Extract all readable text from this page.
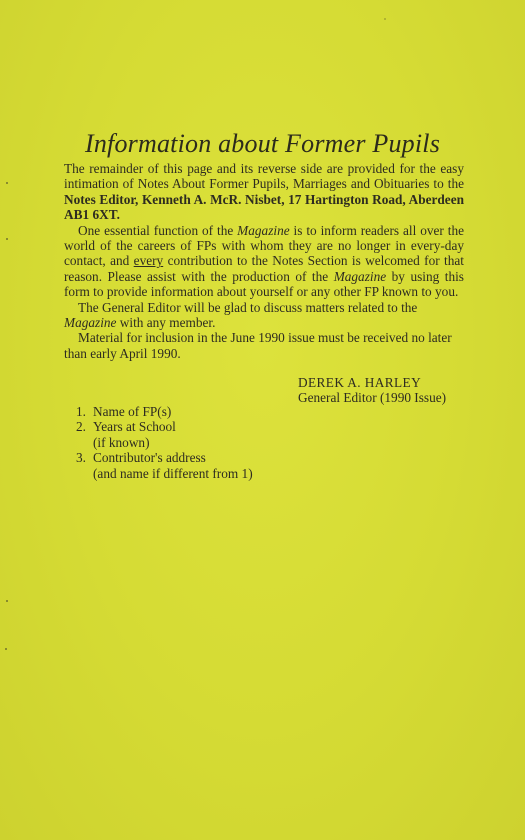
Information about Former Pupils

The remainder of this page and its reverse side are provided for the easy intimation of Notes About Former Pupils, Marriages and Obituaries to the Notes Editor, Kenneth A. McR. Nisbet, 17 Hartington Road, Aberdeen AB1 6XT.

One essential function of the Magazine is to inform readers all over the world of the careers of FPs with whom they are no longer in every-day contact, and every contribution to the Notes Section is welcomed for that reason. Please assist with the production of the Magazine by using this form to provide information about yourself or any other FP known to you.

The General Editor will be glad to discuss matters related to the Magazine with any member.

Material for inclusion in the June 1990 issue must be received no later than early April 1990.

DEREK A. HARLEY
General Editor (1990 Issue)
1. Name of FP(s)
2. Years at School
(if known)
3. Contributor's address
(and name if different from 1)
